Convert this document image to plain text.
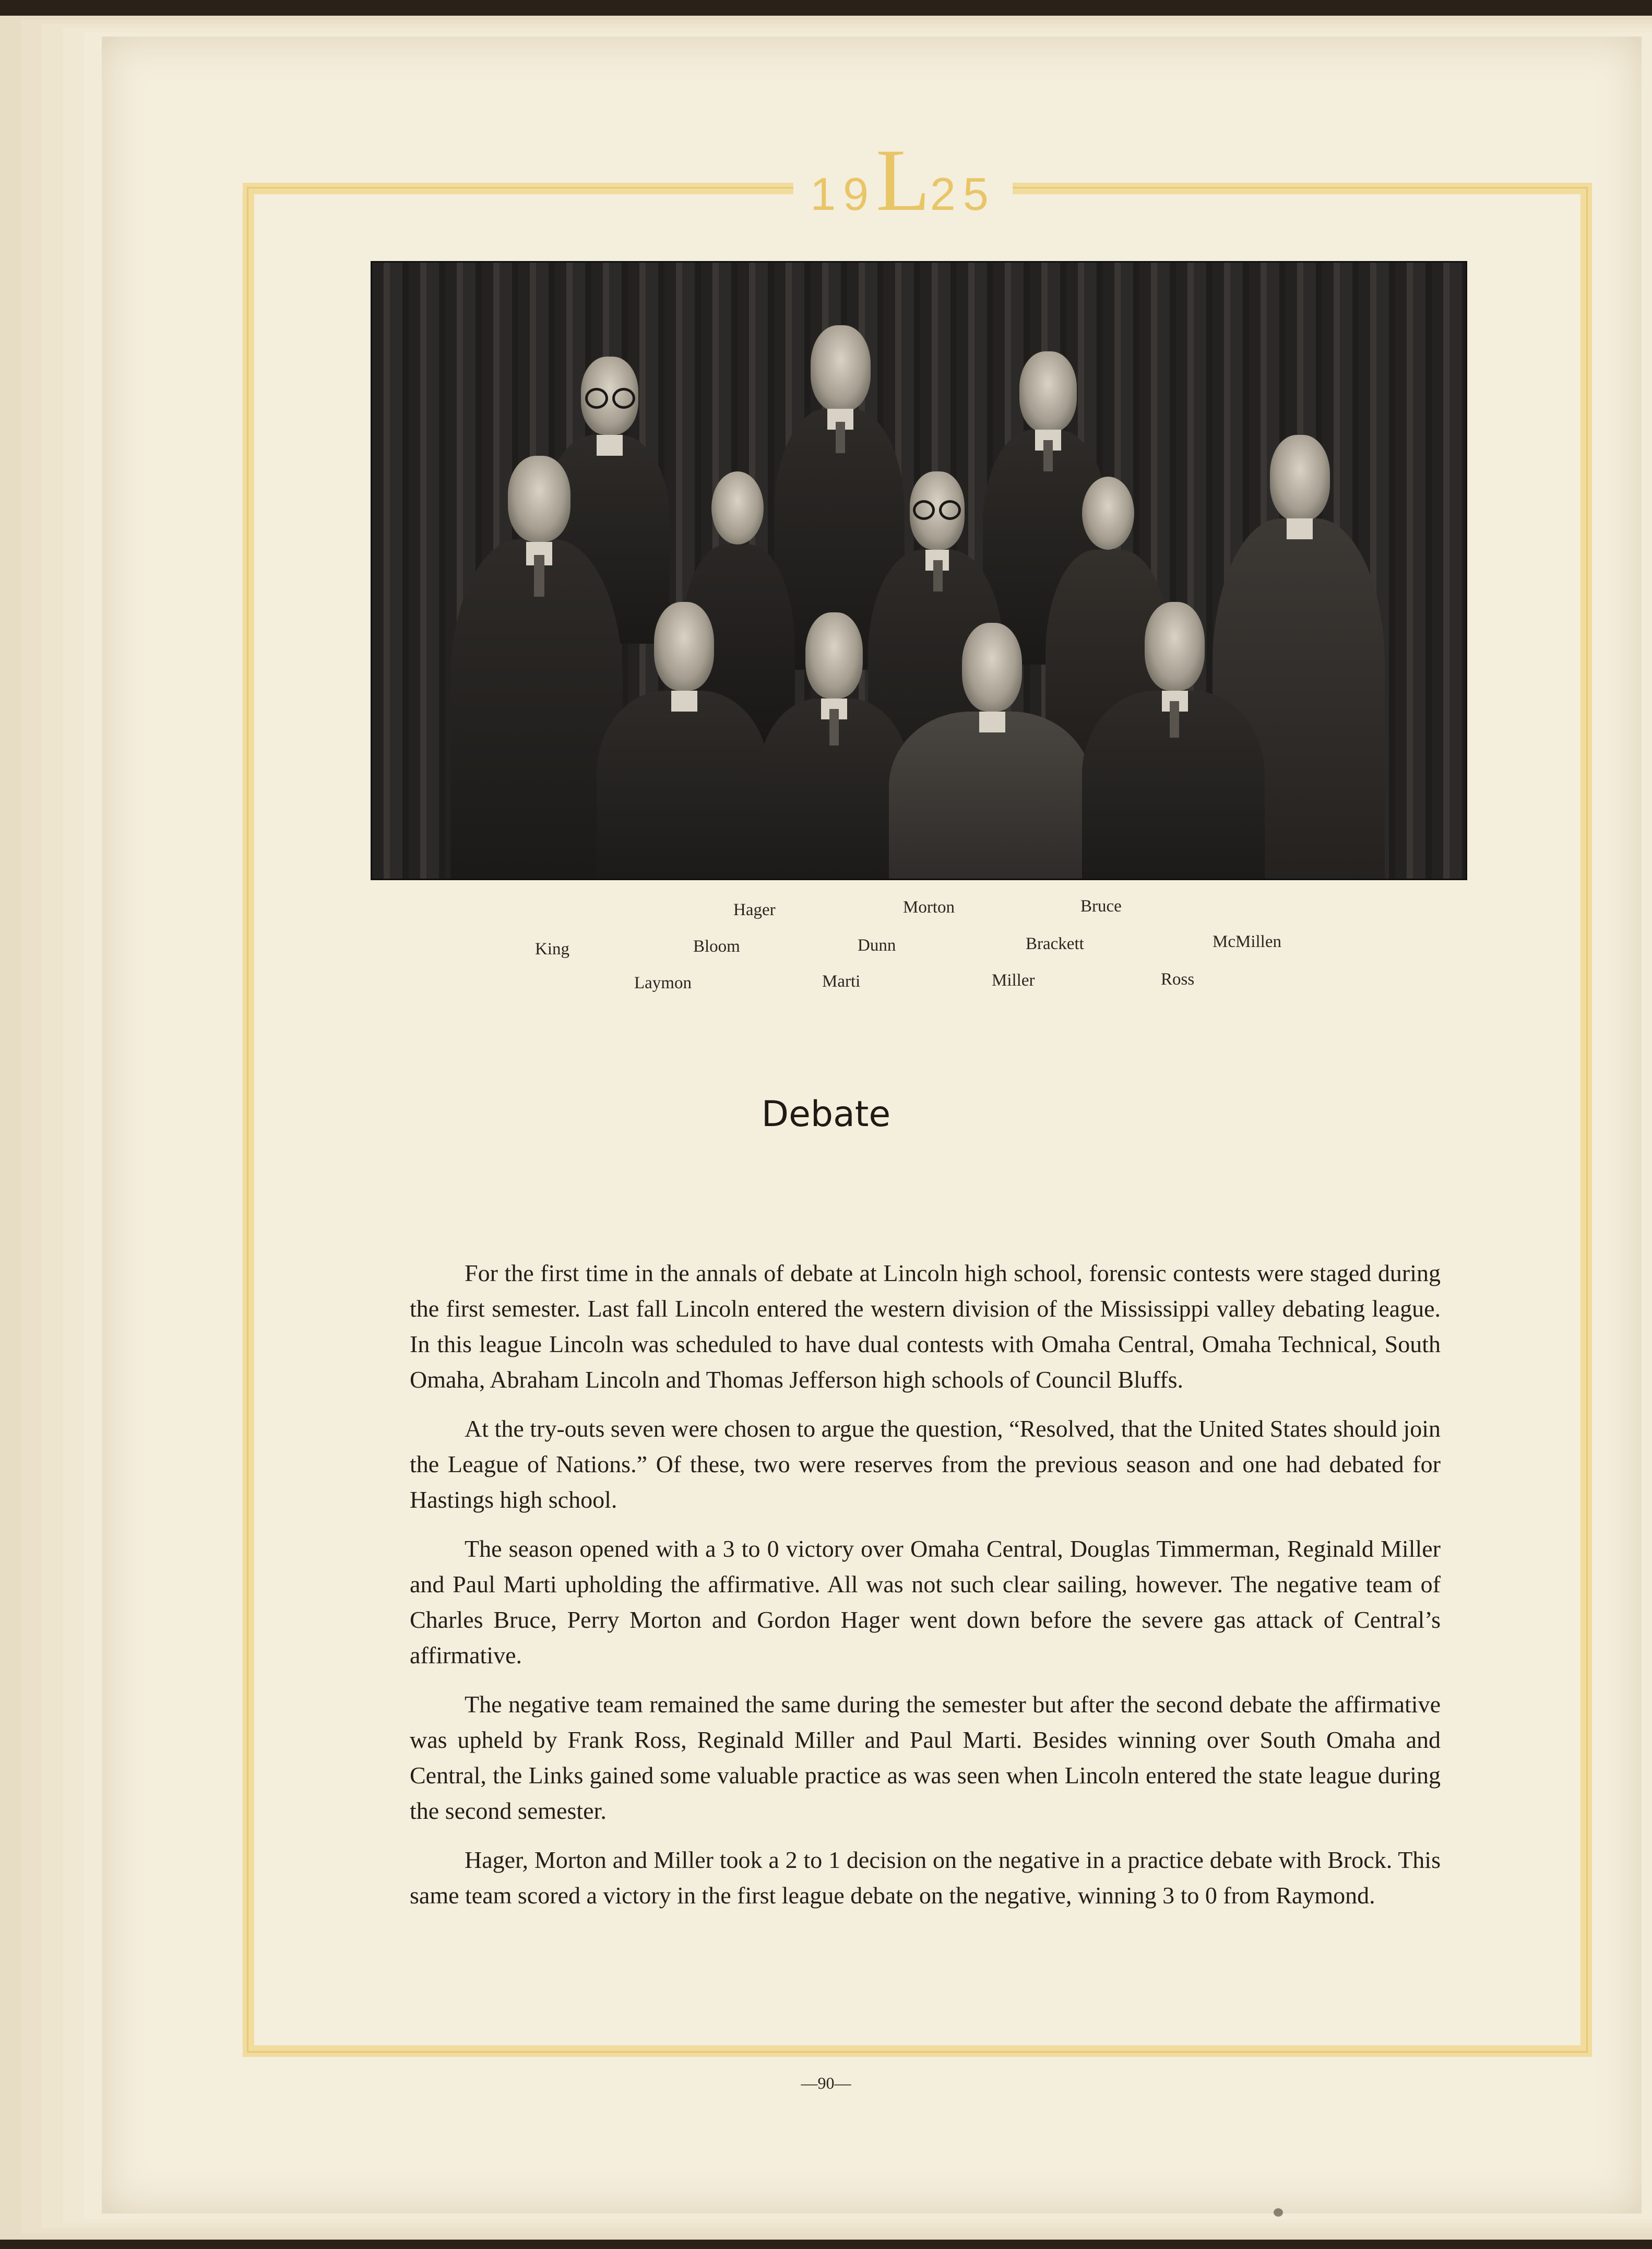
19L25
Hager	Morton	Bruce
King	Bloom	Dunn	Brackett	McMillen
Laymon	Marti	Miller	Ross
Debate

For the first time in the annals of debate at Lincoln high school, forensic contests were staged during the first semester. Last fall Lincoln entered the western division of the Mississippi valley debating league. In this league Lincoln was scheduled to have dual contests with Omaha Central, Omaha Technical, South Omaha, Abraham Lincoln and Thomas Jefferson high schools of Council Bluffs.

At the try-outs seven were chosen to argue the question, “Resolved, that the United States should join the League of Nations.” Of these, two were reserves from the previous season and one had debated for Hastings high school.

The season opened with a 3 to 0 victory over Omaha Central, Douglas Timmerman, Reginald Miller and Paul Marti upholding the affirmative. All was not such clear sailing, however. The negative team of Charles Bruce, Perry Morton and Gordon Hager went down before the severe gas attack of Central’s affirmative.

The negative team remained the same during the semester but after the second debate the affirmative was upheld by Frank Ross, Reginald Miller and Paul Marti. Besides winning over South Omaha and Central, the Links gained some valuable practice as was seen when Lincoln entered the state league during the second semester.

Hager, Morton and Miller took a 2 to 1 decision on the negative in a practice debate with Brock. This same team scored a victory in the first league debate on the negative, winning 3 to 0 from Raymond.

—90—
